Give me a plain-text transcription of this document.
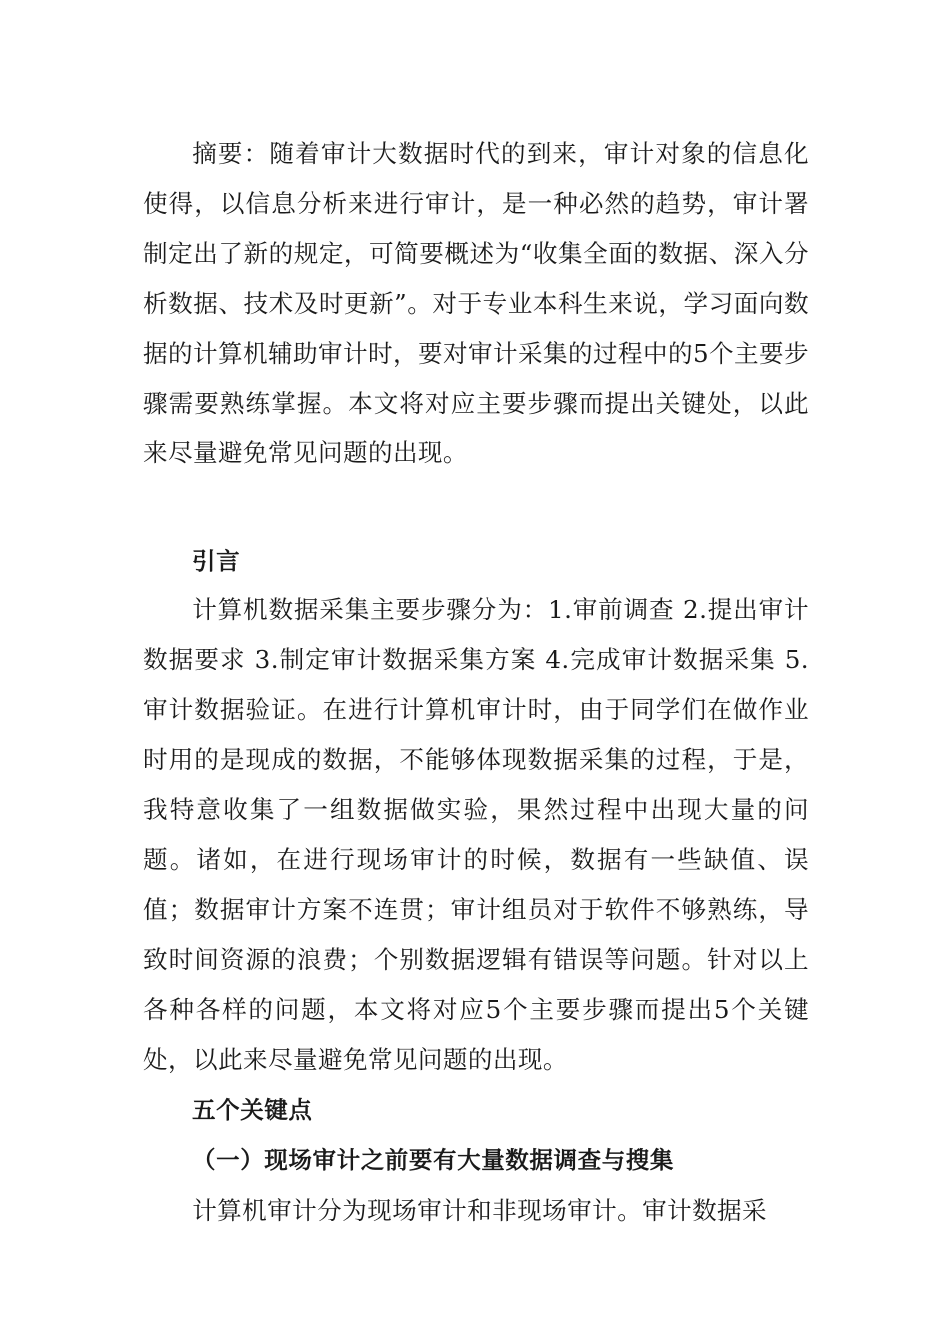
摘要：随着审计大数据时代的到来，审计对象的信息化使得，以信息分析来进行审计，是一种必然的趋势，审计署制定出了新的规定，可简要概述为“收集全面的数据、深入分析数据、技术及时更新”。对于专业本科生来说，学习面向数据的计算机辅助审计时，要对审计采集的过程中的5个主要步骤需要熟练掌握。本文将对应主要步骤而提出关键处，以此来尽量避免常见问题的出现。

引言

计算机数据采集主要步骤分为：1.审前调查 2.提出审计数据要求 3.制定审计数据采集方案 4.完成审计数据采集 5.审计数据验证。在进行计算机审计时，由于同学们在做作业时用的是现成的数据，不能够体现数据采集的过程，于是，我特意收集了一组数据做实验，果然过程中出现大量的问题。诸如，在进行现场审计的时候，数据有一些缺值、误值；数据审计方案不连贯；审计组员对于软件不够熟练，导致时间资源的浪费；个别数据逻辑有错误等问题。针对以上各种各样的问题，本文将对应5个主要步骤而提出5个关键处，以此来尽量避免常见问题的出现。

五个关键点
（一）现场审计之前要有大量数据调查与搜集

计算机审计分为现场审计和非现场审计。审计数据采
